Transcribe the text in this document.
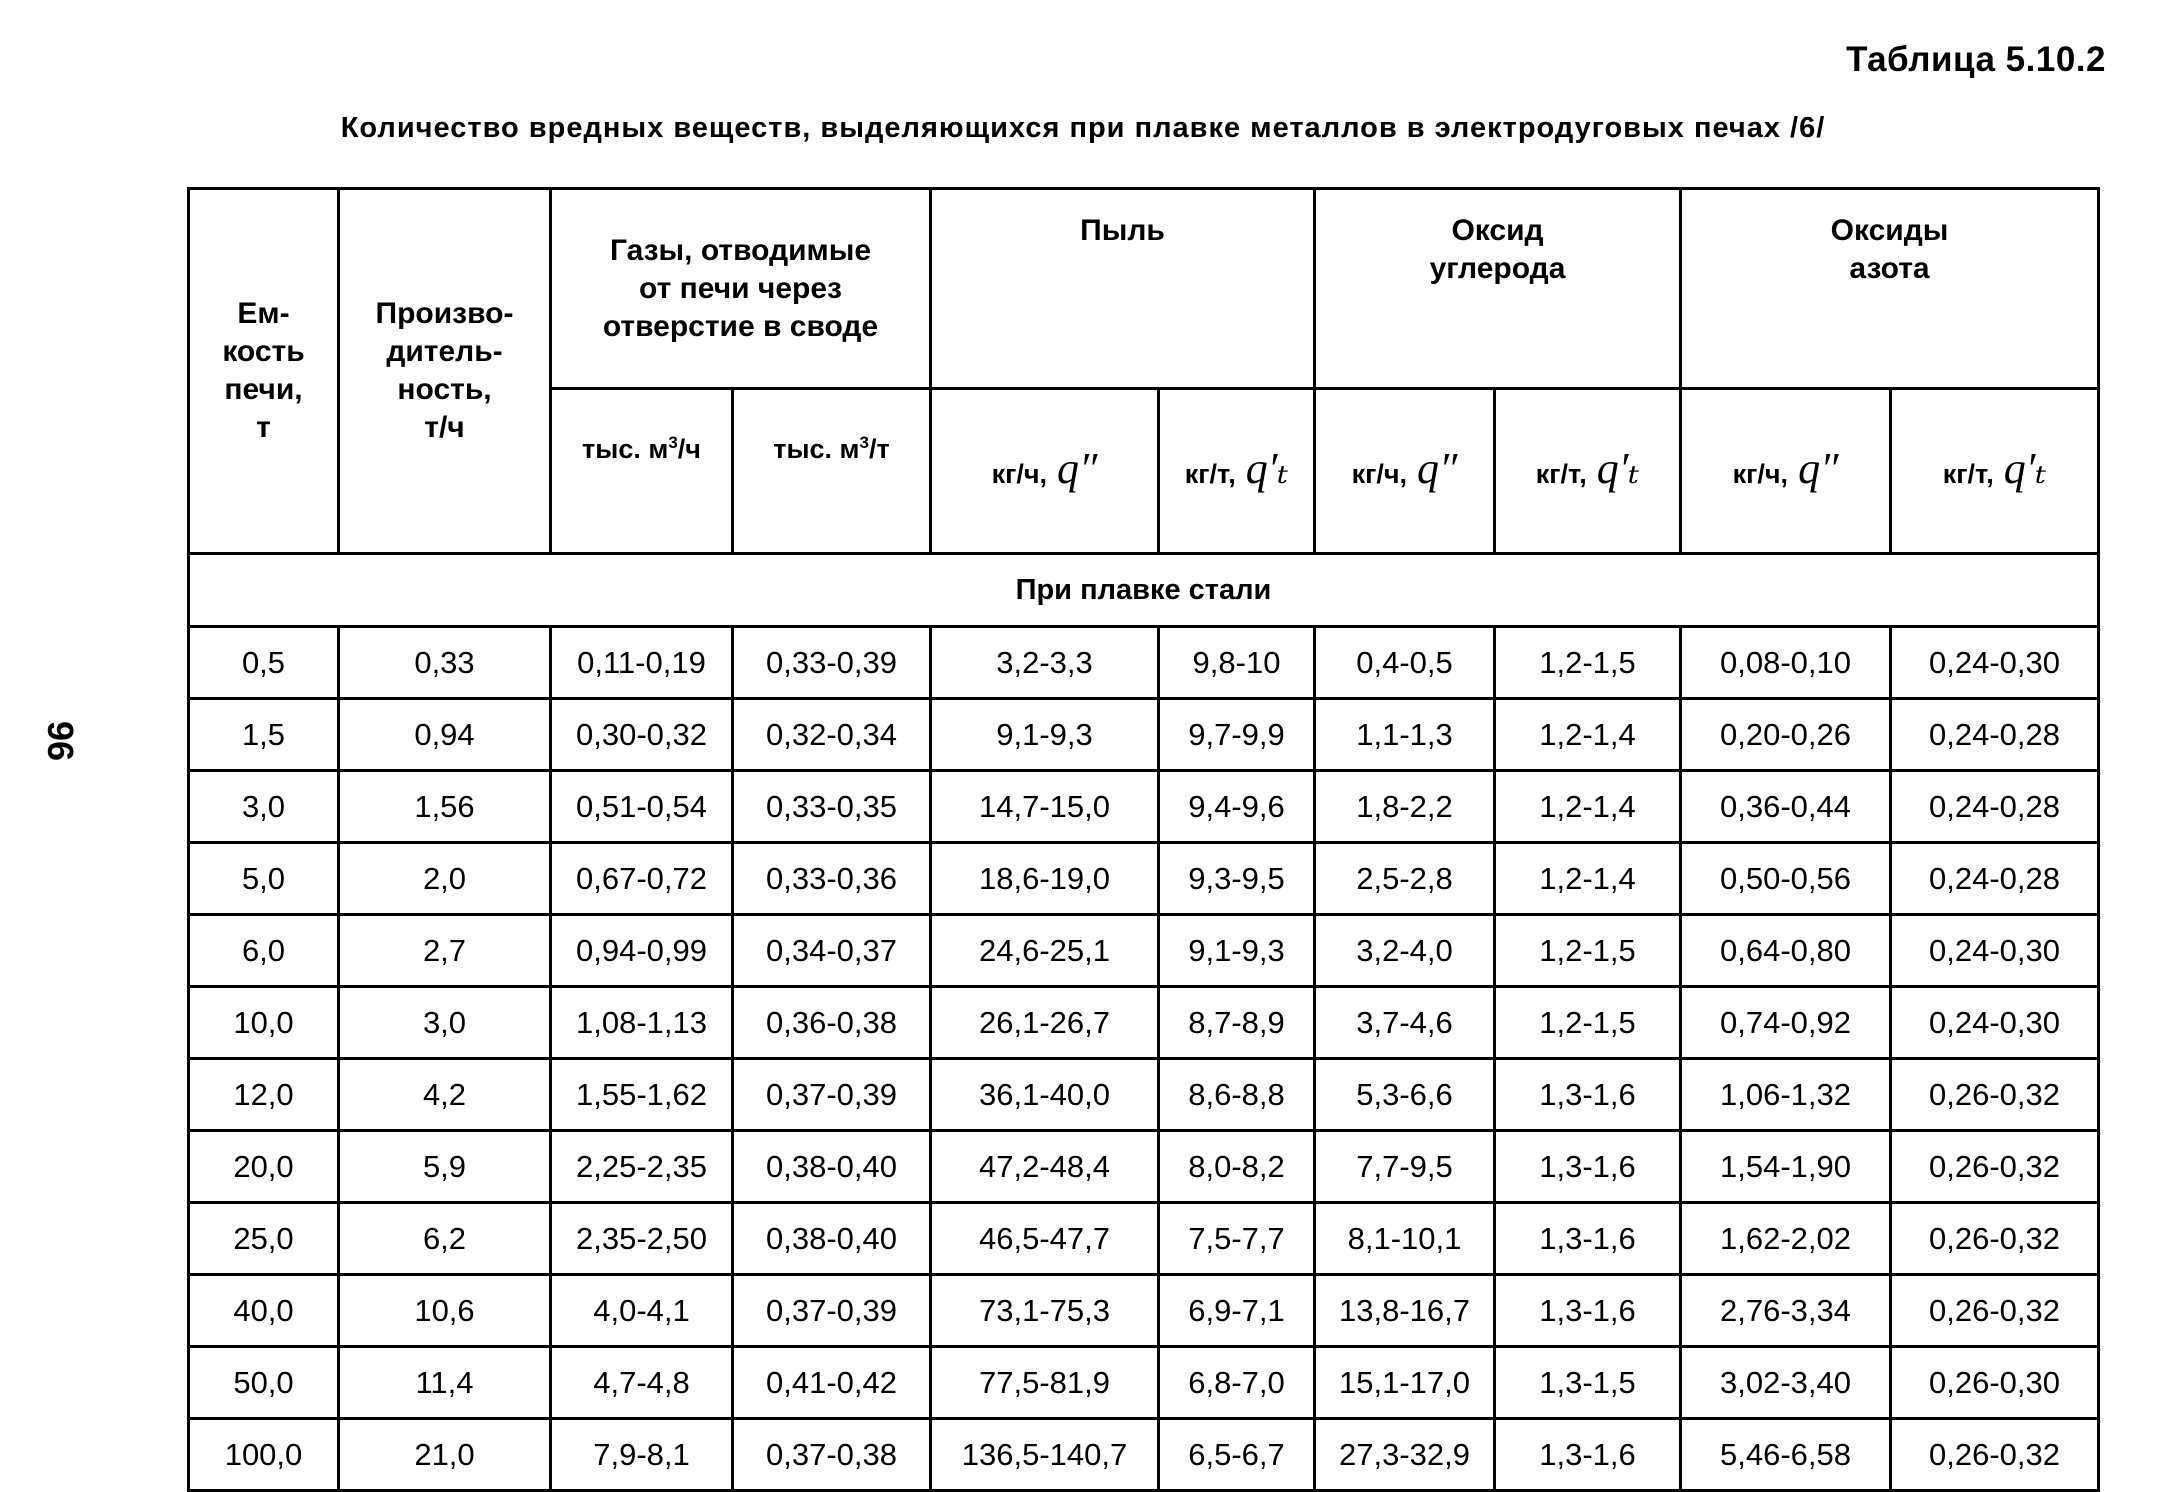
Таблица 5.10.2
Количество вредных веществ, выделяющихся при плавке металлов в электродуговых печах /6/
96
Ем-
кость
печи,
т	Произво-
дитель-
ность,
т/ч	Газы, отводимые
от печи через
отверстие в своде		Пыль		Оксид
углерода		Оксиды
азота	
		тыс. $м^3/ч$	тыс. $м^3/т$	кг/ч, q″	кг/т, q′ₜ	кг/ч, q″	кг/т, q′ₜ	кг/ч, q″	кг/т, q′ₜ
При плавке стали									
0,5	0,33	0,11-0,19	0,33-0,39	3,2-3,3	9,8-10	0,4-0,5	1,2-1,5	0,08-0,10	0,24-0,30
1,5	0,94	0,30-0,32	0,32-0,34	9,1-9,3	9,7-9,9	1,1-1,3	1,2-1,4	0,20-0,26	0,24-0,28
3,0	1,56	0,51-0,54	0,33-0,35	14,7-15,0	9,4-9,6	1,8-2,2	1,2-1,4	0,36-0,44	0,24-0,28
5,0	2,0	0,67-0,72	0,33-0,36	18,6-19,0	9,3-9,5	2,5-2,8	1,2-1,4	0,50-0,56	0,24-0,28
6,0	2,7	0,94-0,99	0,34-0,37	24,6-25,1	9,1-9,3	3,2-4,0	1,2-1,5	0,64-0,80	0,24-0,30
10,0	3,0	1,08-1,13	0,36-0,38	26,1-26,7	8,7-8,9	3,7-4,6	1,2-1,5	0,74-0,92	0,24-0,30
12,0	4,2	1,55-1,62	0,37-0,39	36,1-40,0	8,6-8,8	5,3-6,6	1,3-1,6	1,06-1,32	0,26-0,32
20,0	5,9	2,25-2,35	0,38-0,40	47,2-48,4	8,0-8,2	7,7-9,5	1,3-1,6	1,54-1,90	0,26-0,32
25,0	6,2	2,35-2,50	0,38-0,40	46,5-47,7	7,5-7,7	8,1-10,1	1,3-1,6	1,62-2,02	0,26-0,32
40,0	10,6	4,0-4,1	0,37-0,39	73,1-75,3	6,9-7,1	13,8-16,7	1,3-1,6	2,76-3,34	0,26-0,32
50,0	11,4	4,7-4,8	0,41-0,42	77,5-81,9	6,8-7,0	15,1-17,0	1,3-1,5	3,02-3,40	0,26-0,30
100,0	21,0	7,9-8,1	0,37-0,38	136,5-140,7	6,5-6,7	27,3-32,9	1,3-1,6	5,46-6,58	0,26-0,32
